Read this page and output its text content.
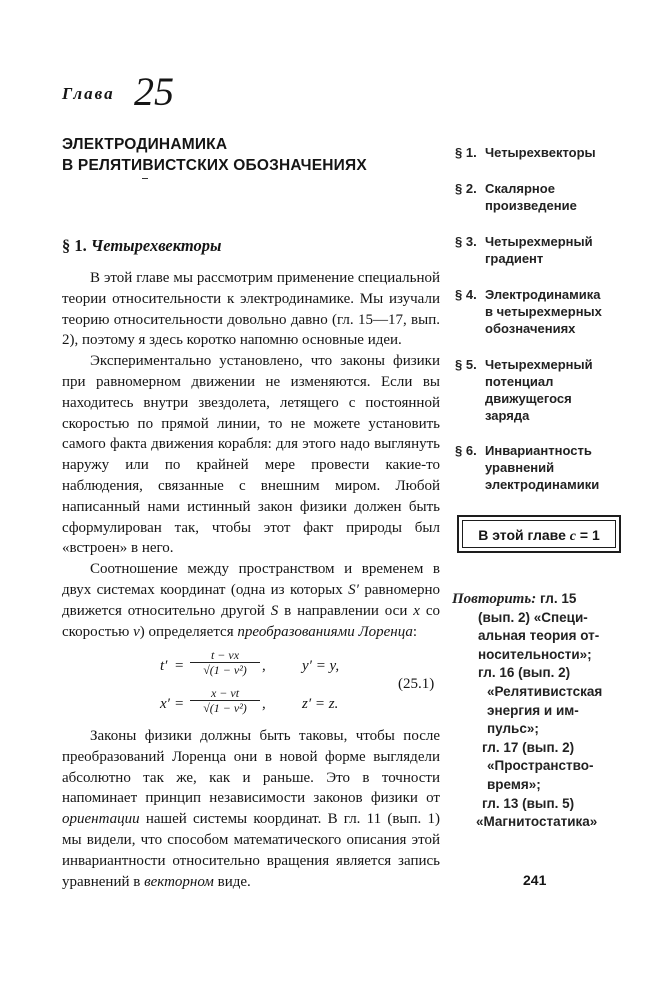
Глава 25
ЭЛЕКТРОДИНАМИКА
В РЕЛЯТИВИСТСКИХ ОБОЗНАЧЕНИЯХ
§ 1. Четырехвекторы

В этой главе мы рассмотрим применение специальной теории относительности к электродинамике. Мы изучали теорию относительности довольно давно (гл. 15—17, вып. 2), поэтому я здесь коротко напомню основные идеи.

Экспериментально установлено, что законы физики при равномерном движении не изменяются. Если вы находитесь внутри звездолета, летящего с постоянной скоростью по прямой линии, то не можете установить самого факта движения корабля: для этого надо выглянуть наружу или по крайней мере провести какие-то наблюдения, связанные с внешним миром. Любой написанный нами истинный закон физики должен быть сформулирован так, чтобы этот факт природы был «встроен» в него.

Соотношение между пространством и временем в двух системах координат (одна из которых S′ равномерно движется относительно другой S в направлении оси x со скоростью v) определяется преобразованиями Лоренца:

$t' = \frac{t - vx}{\text{√(1 − v²)}}$ , y′ = y,
$x' = \frac{x - vt}{\text{√(1 − v²)}}$ , z′ = z.
(25.1)

Законы физики должны быть таковы, чтобы после преобразований Лоренца они в новой форме выглядели абсолютно так же, как и раньше. Это в точности напоминает принцип независимости законов физики от ориентации нашей системы координат. В гл. 11 (вып. 1) мы видели, что способом математического описания этой инвариантности относительно вращения является запись уравнений в векторном виде.

§ 1. Четырехвекторы
§ 2. Скалярное
произведение
§ 3. Четырехмерный
градиент
§ 4. Электродинамика
в четырехмерных
обозначениях
§ 5. Четырехмерный
потенциал
движущегося
заряда
§ 6. Инвариантность
уравнений
электродинамики
В этой главе c = 1
Повторить: гл. 15
(вып. 2) «Специ-
альная теория от-
носительности»;
гл. 16 (вып. 2)
«Релятивистская
энергия и им-
пульс»;
гл. 17 (вып. 2)
«Пространство-
время»;
гл. 13 (вып. 5)
«Магнитостатика»
241
